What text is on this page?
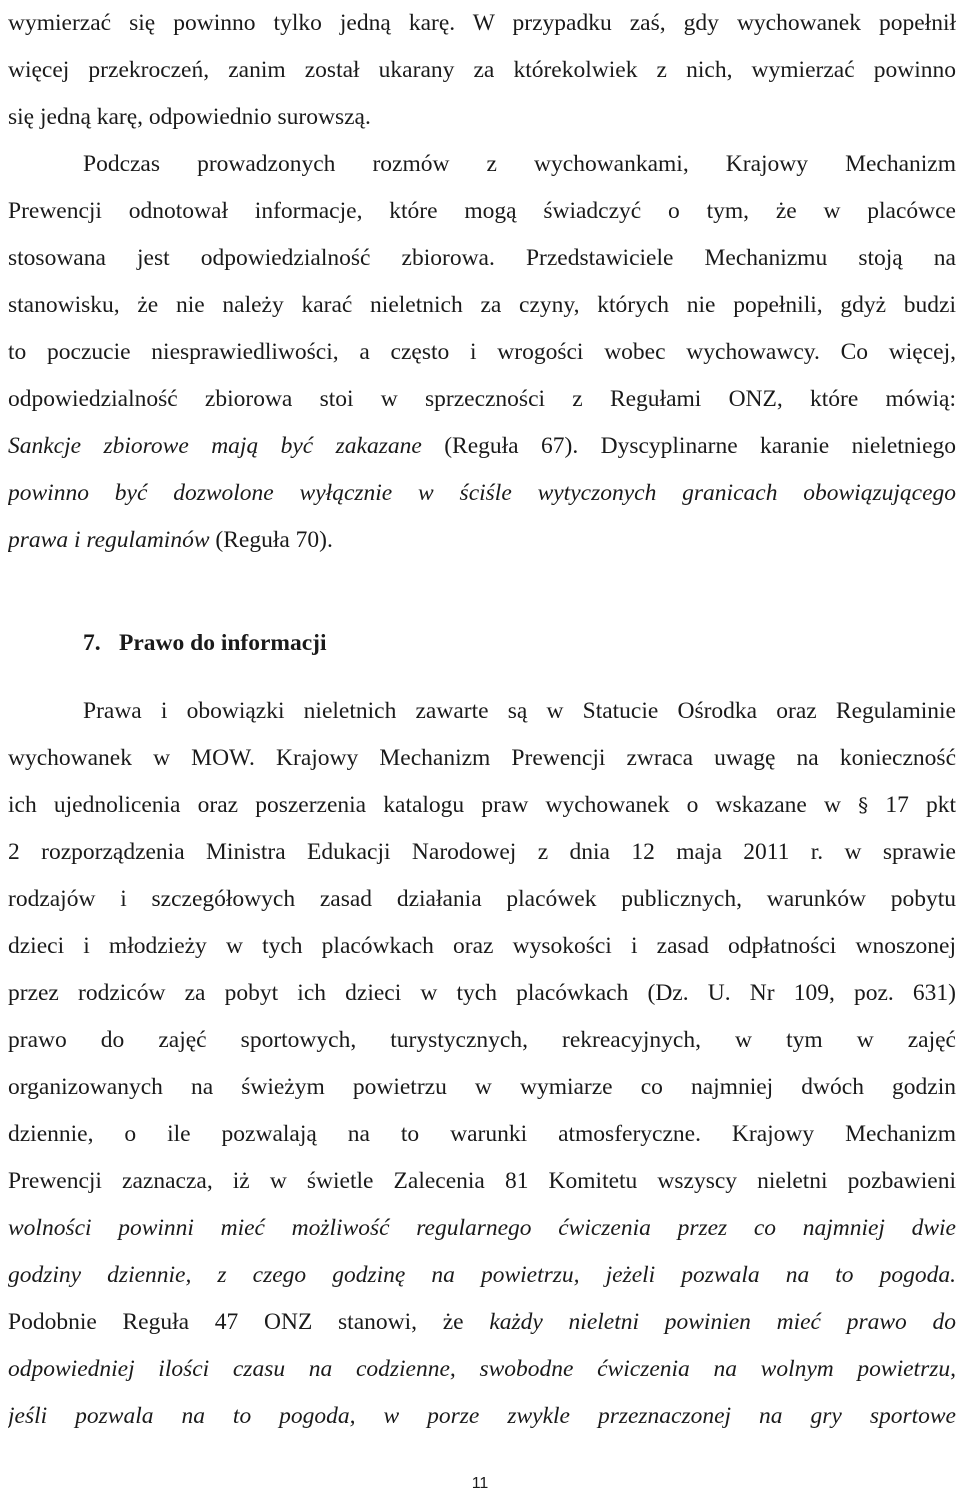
wymierzać się powinno tylko jedną karę. W przypadku zaś, gdy wychowanek popełnił
więcej przekroczeń, zanim został ukarany za którekolwiek z nich, wymierzać powinno
się jedną karę, odpowiednio surowszą.
Podczas prowadzonych rozmów z wychowankami, Krajowy Mechanizm
Prewencji odnotował informacje, które mogą świadczyć o tym, że w placówce
stosowana jest odpowiedzialność zbiorowa. Przedstawiciele Mechanizmu stoją na
stanowisku, że nie należy karać nieletnich za czyny, których nie popełnili, gdyż budzi
to poczucie niesprawiedliwości, a często i wrogości wobec wychowawcy. Co więcej,
odpowiedzialność zbiorowa stoi w sprzeczności z Regułami ONZ, które mówią:
Sankcje zbiorowe mają być zakazane (Reguła 67). Dyscyplinarne karanie nieletniego
powinno być dozwolone wyłącznie w ściśle wytyczonych granicach obowiązującego
prawa i regulaminów (Reguła 70).
7. Prawo do informacji
Prawa i obowiązki nieletnich zawarte są w Statucie Ośrodka oraz Regulaminie
wychowanek w MOW. Krajowy Mechanizm Prewencji zwraca uwagę na konieczność
ich ujednolicenia oraz poszerzenia katalogu praw wychowanek o wskazane w § 17 pkt
2 rozporządzenia Ministra Edukacji Narodowej z dnia 12 maja 2011 r. w sprawie
rodzajów i szczegółowych zasad działania placówek publicznych, warunków pobytu
dzieci i młodzieży w tych placówkach oraz wysokości i zasad odpłatności wnoszonej
przez rodziców za pobyt ich dzieci w tych placówkach (Dz. U. Nr 109, poz. 631)
prawo do zajęć sportowych, turystycznych, rekreacyjnych, w tym w zajęć
organizowanych na świeżym powietrzu w wymiarze co najmniej dwóch godzin
dziennie, o ile pozwalają na to warunki atmosferyczne. Krajowy Mechanizm
Prewencji zaznacza, iż w świetle Zalecenia 81 Komitetu wszyscy nieletni pozbawieni
wolności powinni mieć możliwość regularnego ćwiczenia przez co najmniej dwie
godziny dziennie, z czego godzinę na powietrzu, jeżeli pozwala na to pogoda.
Podobnie Reguła 47 ONZ stanowi, że każdy nieletni powinien mieć prawo do
odpowiedniej ilości czasu na codzienne, swobodne ćwiczenia na wolnym powietrzu,
jeśli pozwala na to pogoda, w porze zwykle przeznaczonej na gry sportowe
11
